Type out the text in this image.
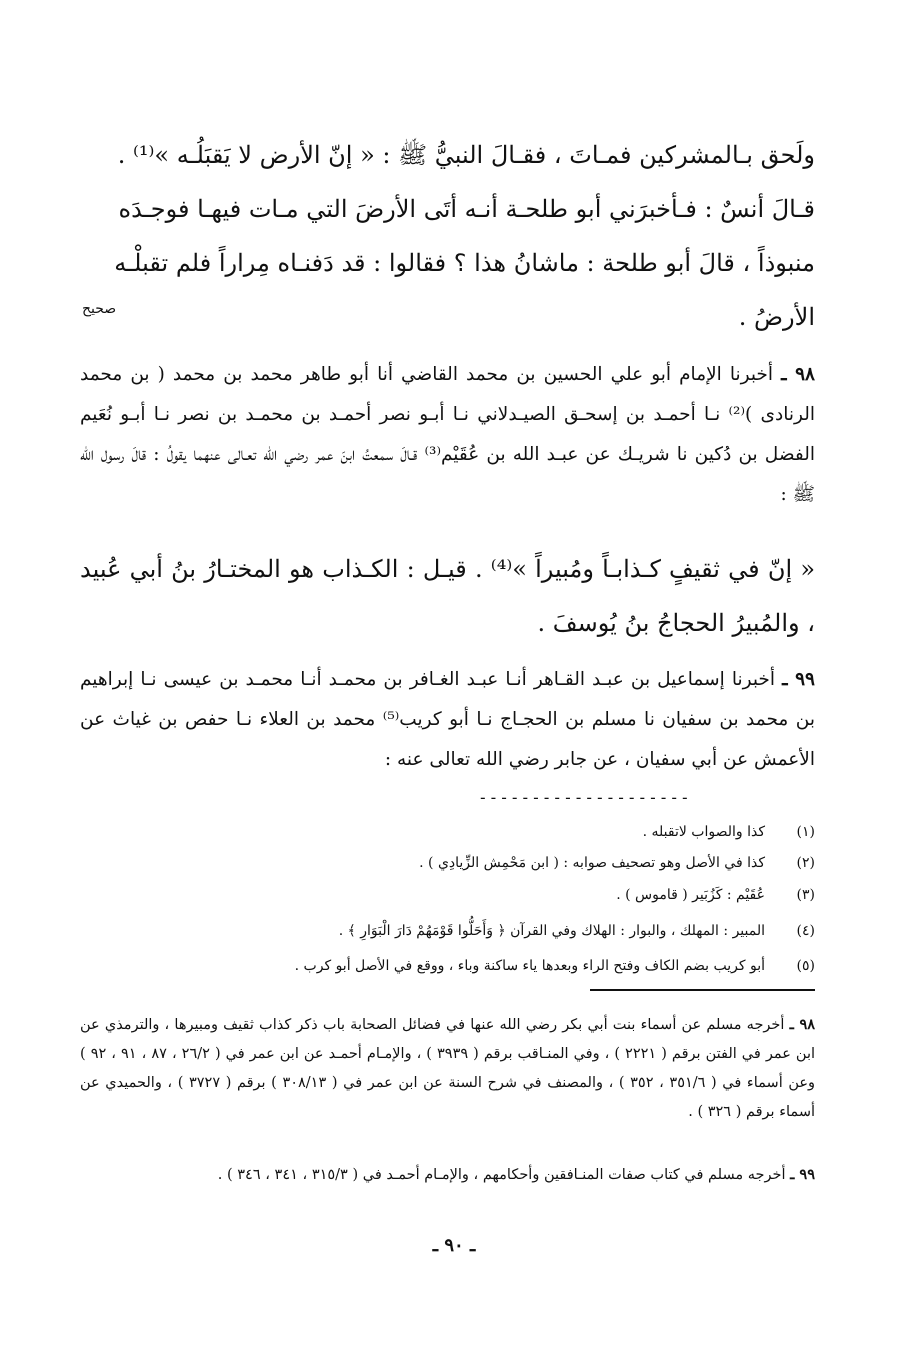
ولَحق بـالمشركين فمـاتَ ، فقـالَ النبيُّ ﷺ : « إنّ الأرض لا يَقبَلُـه »⁽¹⁾ .
قـالَ أنسٌ : فـأخبرَني أبو طلحـة أنـه أتَى الأرضَ التي مـات فيهـا فوجـدَه
منبوذاً ، قالَ أبو طلحة : ماشانُ هذا ؟ فقالوا : قد دَفنـاه مِراراً فلم تقبلْـه
الأرضُ .
صحيح
٩٨ ـ أخبرنا الإمام أبو علي الحسين بن محمد القاضي أنا أبو طاهر محمد بن محمد ( بن محمد الرنادى )⁽²⁾ نـا أحمـد بن إسحـق الصيـدلاني نـا أبـو نصر أحمـد بن محمـد بن نصر نـا أبـو نُعَيم الفضل بن دُكين نا شريـك عن عبـد الله بن عُقَيْم⁽³⁾ قـالَ سمعتُ ابنَ عمر رضي الله تعـالى عنهما يقولُ : قالَ رسول الله ﷺ :
« إنّ في ثقيفٍ كـذابـاً ومُبيراً »⁽⁴⁾ . قيـل : الكـذاب هو المختـارُ بنُ أبي عُبيد ، والمُبيرُ الحجاجُ بنُ يُوسفَ .
٩٩ ـ أخبرنا إسماعيل بن عبـد القـاهر أنـا عبـد الغـافر بن محمـد أنـا محمـد بن عيسى نـا إبراهيم بن محمد بن سفيان نا مسلم بن الحجـاج نـا أبو كريب⁽⁵⁾ محمد بن العلاء نـا حفص بن غياث عن الأعمش عن أبي سفيان ، عن جابر رضي الله تعالى عنه :
--------------------
(١)
كذا والصواب لاتقبله .
(٢)
كذا في الأصل وهو تصحيف صوابه : ( ابن مَحْمِش الزِّيادِي ) .
(٣)
عُقَيْم : كَزُبَير ( قاموس ) .
(٤)
المبير : المهلك ، والبوار : الهلاك وفي القرآن ﴿ وَأَحَلُّوا قَوْمَهُمْ دَارَ الْبَوَارِ ﴾ .
(٥)
أبو كريب بضم الكاف وفتح الراء وبعدها ياء ساكنة وباء ، ووقع في الأصل أبو كرب .
٩٨ ـ أخرجه مسلم عن أسماء بنت أبي بكر رضي الله عنها في فضائل الصحابة باب ذكر كذاب ثقيف ومبيرها ، والترمذي عن ابن عمر في الفتن برقم ( ٢٢٢١ ) ، وفي المنـاقب برقم ( ٣٩٣٩ ) ، والإمـام أحمـد عن ابن عمر في ( ٢٦/٢ ، ٨٧ ، ٩١ ، ٩٢ ) وعن أسماء في ( ٣٥١/٦ ، ٣٥٢ ) ، والمصنف في شرح السنة عن ابن عمر في ( ٣٠٨/١٣ ) برقم ( ٣٧٢٧ ) ، والحميدي عن أسماء برقم ( ٣٢٦ ) .
٩٩ ـ أخرجه مسلم في كتاب صفات المنـافقين وأحكامهم ، والإمـام أحمـد في ( ٣١٥/٣ ، ٣٤١ ، ٣٤٦ ) .
ـ ٩٠ ـ
